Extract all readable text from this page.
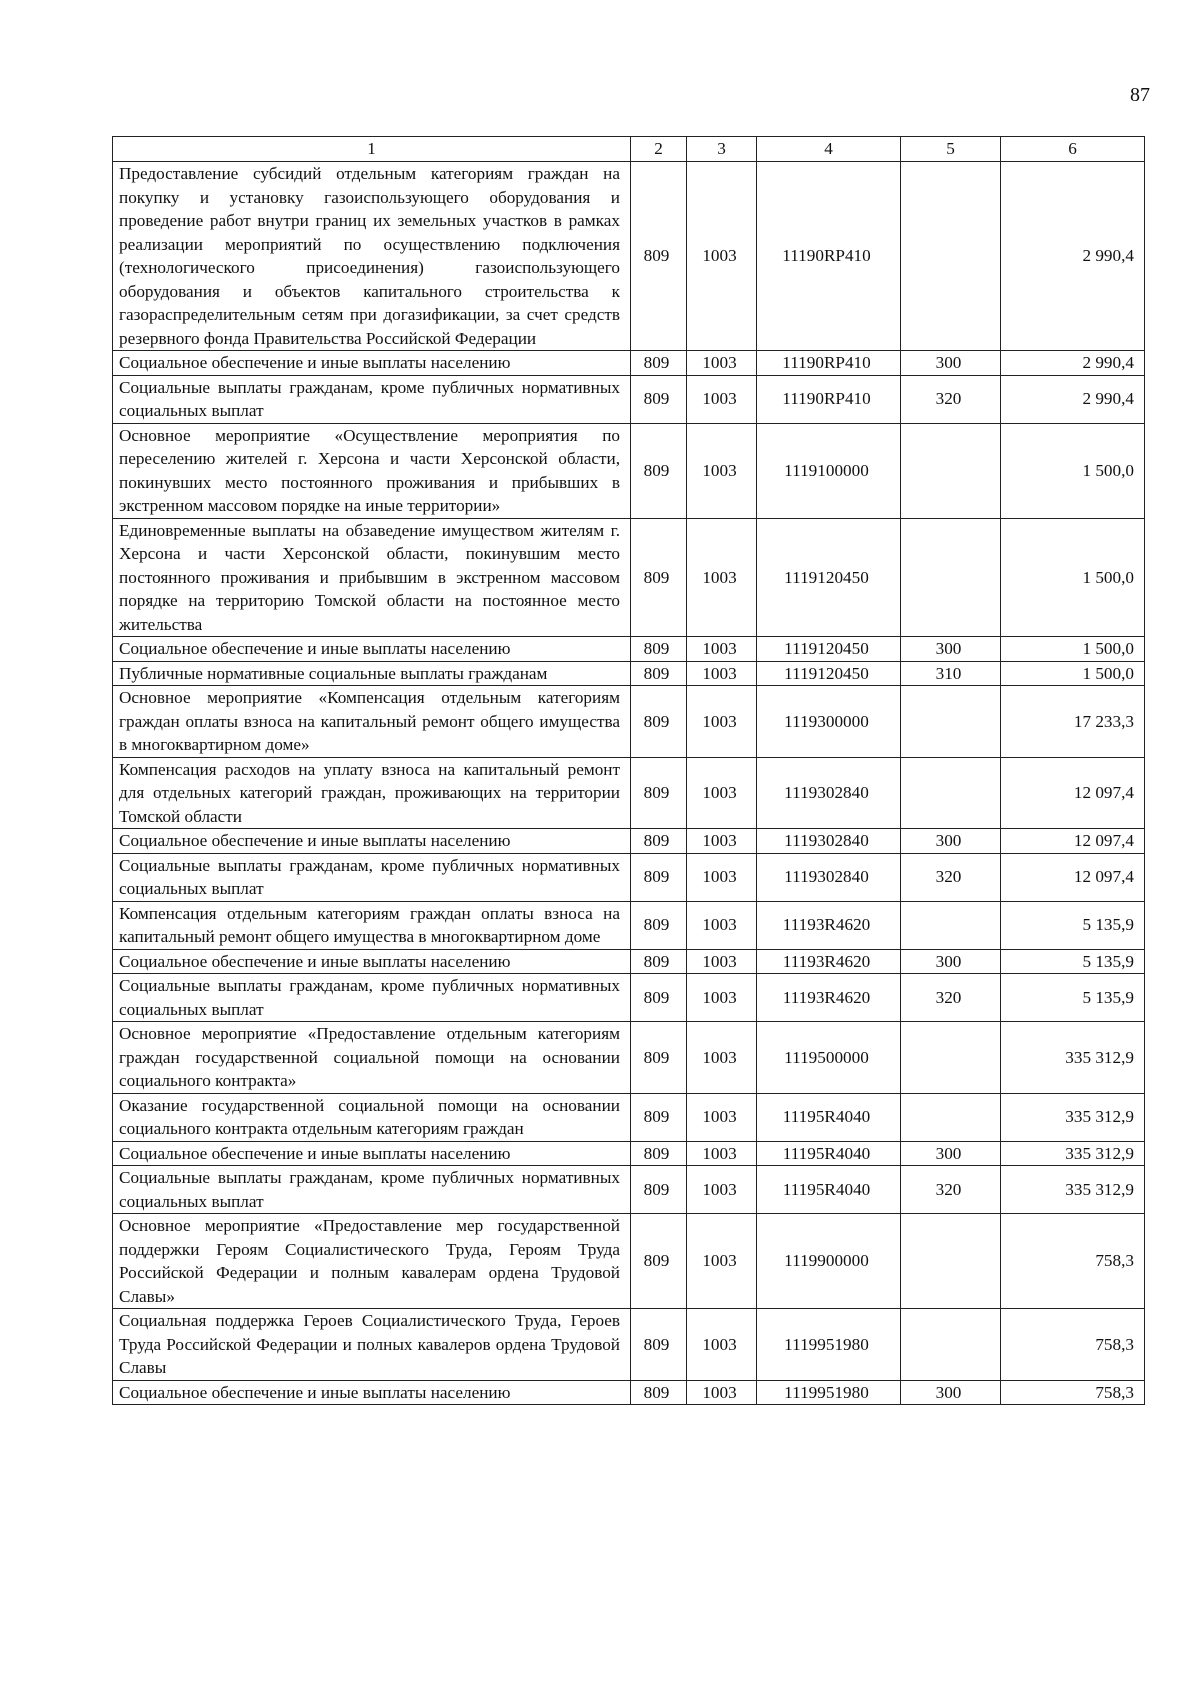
87
1	2	3	4	5	6
Предоставление субсидий отдельным категориям граждан на покупку и установку газоиспользующего оборудования и проведение работ внутри границ их земельных участков в рамках реализации мероприятий по осуществлению подключения (технологического присоединения) газоиспользующего оборудования и объектов капитального строительства к газораспределительным сетям при догазификации, за счет средств резервного фонда Правительства Российской Федерации	809	1003	11190RP410		2 990,4
Социальное обеспечение и иные выплаты населению	809	1003	11190RP410	300	2 990,4
Социальные выплаты гражданам, кроме публичных нормативных социальных выплат	809	1003	11190RP410	320	2 990,4
Основное мероприятие «Осуществление мероприятия по переселению жителей г. Херсона и части Херсонской области, покинувших место постоянного проживания и прибывших в экстренном массовом порядке на иные территории»	809	1003	1119100000		1 500,0
Единовременные выплаты на обзаведение имуществом жителям г. Херсона и части Херсонской области, покинувшим место постоянного проживания и прибывшим в экстренном массовом порядке на территорию Томской области на постоянное место жительства	809	1003	1119120450		1 500,0
Социальное обеспечение и иные выплаты населению	809	1003	1119120450	300	1 500,0
Публичные нормативные социальные выплаты гражданам	809	1003	1119120450	310	1 500,0
Основное мероприятие «Компенсация отдельным категориям граждан оплаты взноса на капитальный ремонт общего имущества в многоквартирном доме»	809	1003	1119300000		17 233,3
Компенсация расходов на уплату взноса на капитальный ремонт для отдельных категорий граждан, проживающих на территории Томской области	809	1003	1119302840		12 097,4
Социальное обеспечение и иные выплаты населению	809	1003	1119302840	300	12 097,4
Социальные выплаты гражданам, кроме публичных нормативных социальных выплат	809	1003	1119302840	320	12 097,4
Компенсация отдельным категориям граждан оплаты взноса на капитальный ремонт общего имущества в многоквартирном доме	809	1003	11193R4620		5 135,9
Социальное обеспечение и иные выплаты населению	809	1003	11193R4620	300	5 135,9
Социальные выплаты гражданам, кроме публичных нормативных социальных выплат	809	1003	11193R4620	320	5 135,9
Основное мероприятие «Предоставление отдельным категориям граждан государственной социальной помощи на основании социального контракта»	809	1003	1119500000		335 312,9
Оказание государственной социальной помощи на основании социального контракта отдельным категориям граждан	809	1003	11195R4040		335 312,9
Социальное обеспечение и иные выплаты населению	809	1003	11195R4040	300	335 312,9
Социальные выплаты гражданам, кроме публичных нормативных социальных выплат	809	1003	11195R4040	320	335 312,9
Основное мероприятие «Предоставление мер государственной поддержки Героям Социалистического Труда, Героям Труда Российской Федерации и полным кавалерам ордена Трудовой Славы»	809	1003	1119900000		758,3
Социальная поддержка Героев Социалистического Труда, Героев Труда Российской Федерации и полных кавалеров ордена Трудовой Славы	809	1003	1119951980		758,3
Социальное обеспечение и иные выплаты населению	809	1003	1119951980	300	758,3
